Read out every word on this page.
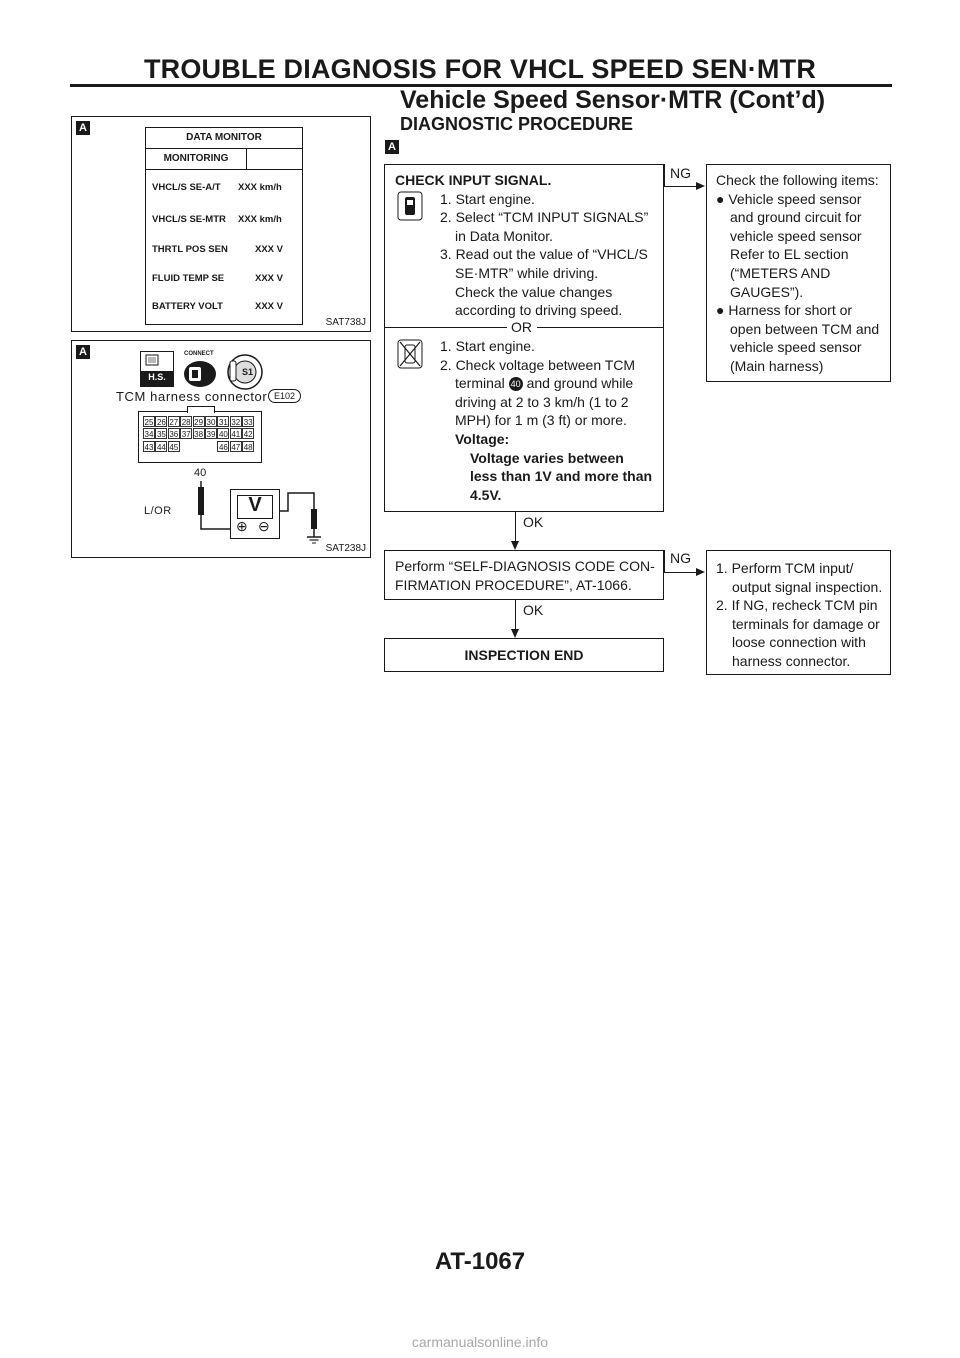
TROUBLE DIAGNOSIS FOR VHCL SPEED SEN·MTR
Vehicle Speed Sensor·MTR (Cont’d)
DIAGNOSTIC PROCEDURE
A
DATA MONITOR
MONITORING
VHCL/S SE-A/T XXX km/h
VHCL/S SE-MTR XXX km/h
THRTL POS SEN	XXX V
FLUID TEMP SE	XXX V
BATTERY VOLT	XXX V
SAT738J
A
H.S.
CONNECT
S1
TCM harness connector E102
25 26 27 28 29 30 31 32 33
34 35 36 37 38 39 40 41 42
43 44 45	46 47 48
40
L/OR	V
⊕ ⊖
SAT238J
A

CHECK INPUT SIGNAL.

1. Start engine.

2. Select “TCM INPUT SIGNALS”

in Data Monitor.

3. Read out the value of “VHCL/S

SE·MTR” while driving.

Check the value changes

according to driving speed.

OR

1. Start engine.

2. Check voltage between TCM

terminal 40 and ground while

driving at 2 to 3 km/h (1 to 2

MPH) for 1 m (3 ft) or more.

Voltage:

Voltage varies between

less than 1V and more than

4.5V.

NG Check the following items:

● Vehicle speed sensor

and ground circuit for

vehicle speed sensor

Refer to EL section

(“METERS AND

GAUGES”).

● Harness for short or

open between TCM and

vehicle speed sensor

(Main harness)

OK

Perform “SELF-DIAGNOSIS CODE CON-

FIRMATION PROCEDURE”, AT-1066.

NG

1. Perform TCM input/

output signal inspection.

2. If NG, recheck TCM pin

terminals for damage or

loose connection with

harness connector.

OK
INSPECTION END
AT-1067
carmanualsonline.info
